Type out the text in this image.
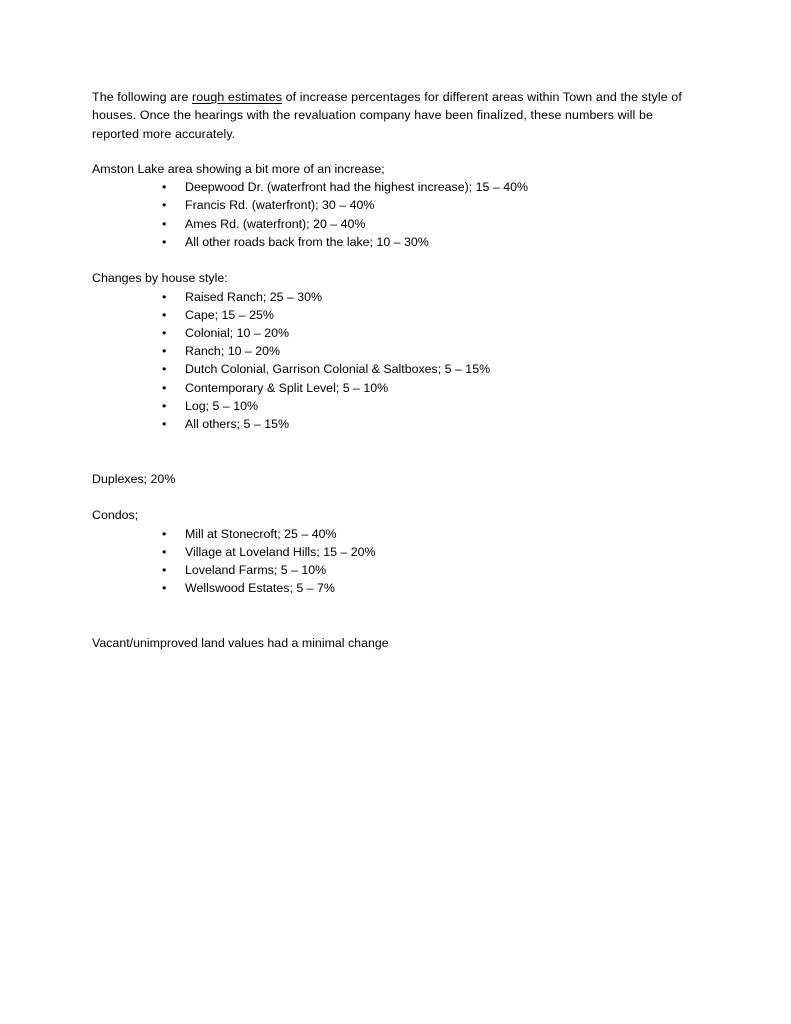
The following are rough estimates of increase percentages for different areas within Town and the style of houses. Once the hearings with the revaluation company have been finalized, these numbers will be reported more accurately.

Amston Lake area showing a bit more of an increase;

• Deepwood Dr. (waterfront had the highest increase); 15 – 40%
• Francis Rd. (waterfront); 30 – 40%
• Ames Rd. (waterfront); 20 – 40%
• All other roads back from the lake; 10 – 30%

Changes by house style:

• Raised Ranch; 25 – 30%
• Cape; 15 – 25%
• Colonial; 10 – 20%
• Ranch; 10 – 20%
• Dutch Colonial, Garrison Colonial & Saltboxes; 5 – 15%
• Contemporary & Split Level; 5 – 10%
• Log; 5 – 10%
• All others; 5 – 15%

Duplexes; 20%

Condos;

• Mill at Stonecroft; 25 – 40%
• Village at Loveland Hills; 15 – 20%
• Loveland Farms; 5 – 10%
• Wellswood Estates; 5 – 7%

Vacant/unimproved land values had a minimal change
